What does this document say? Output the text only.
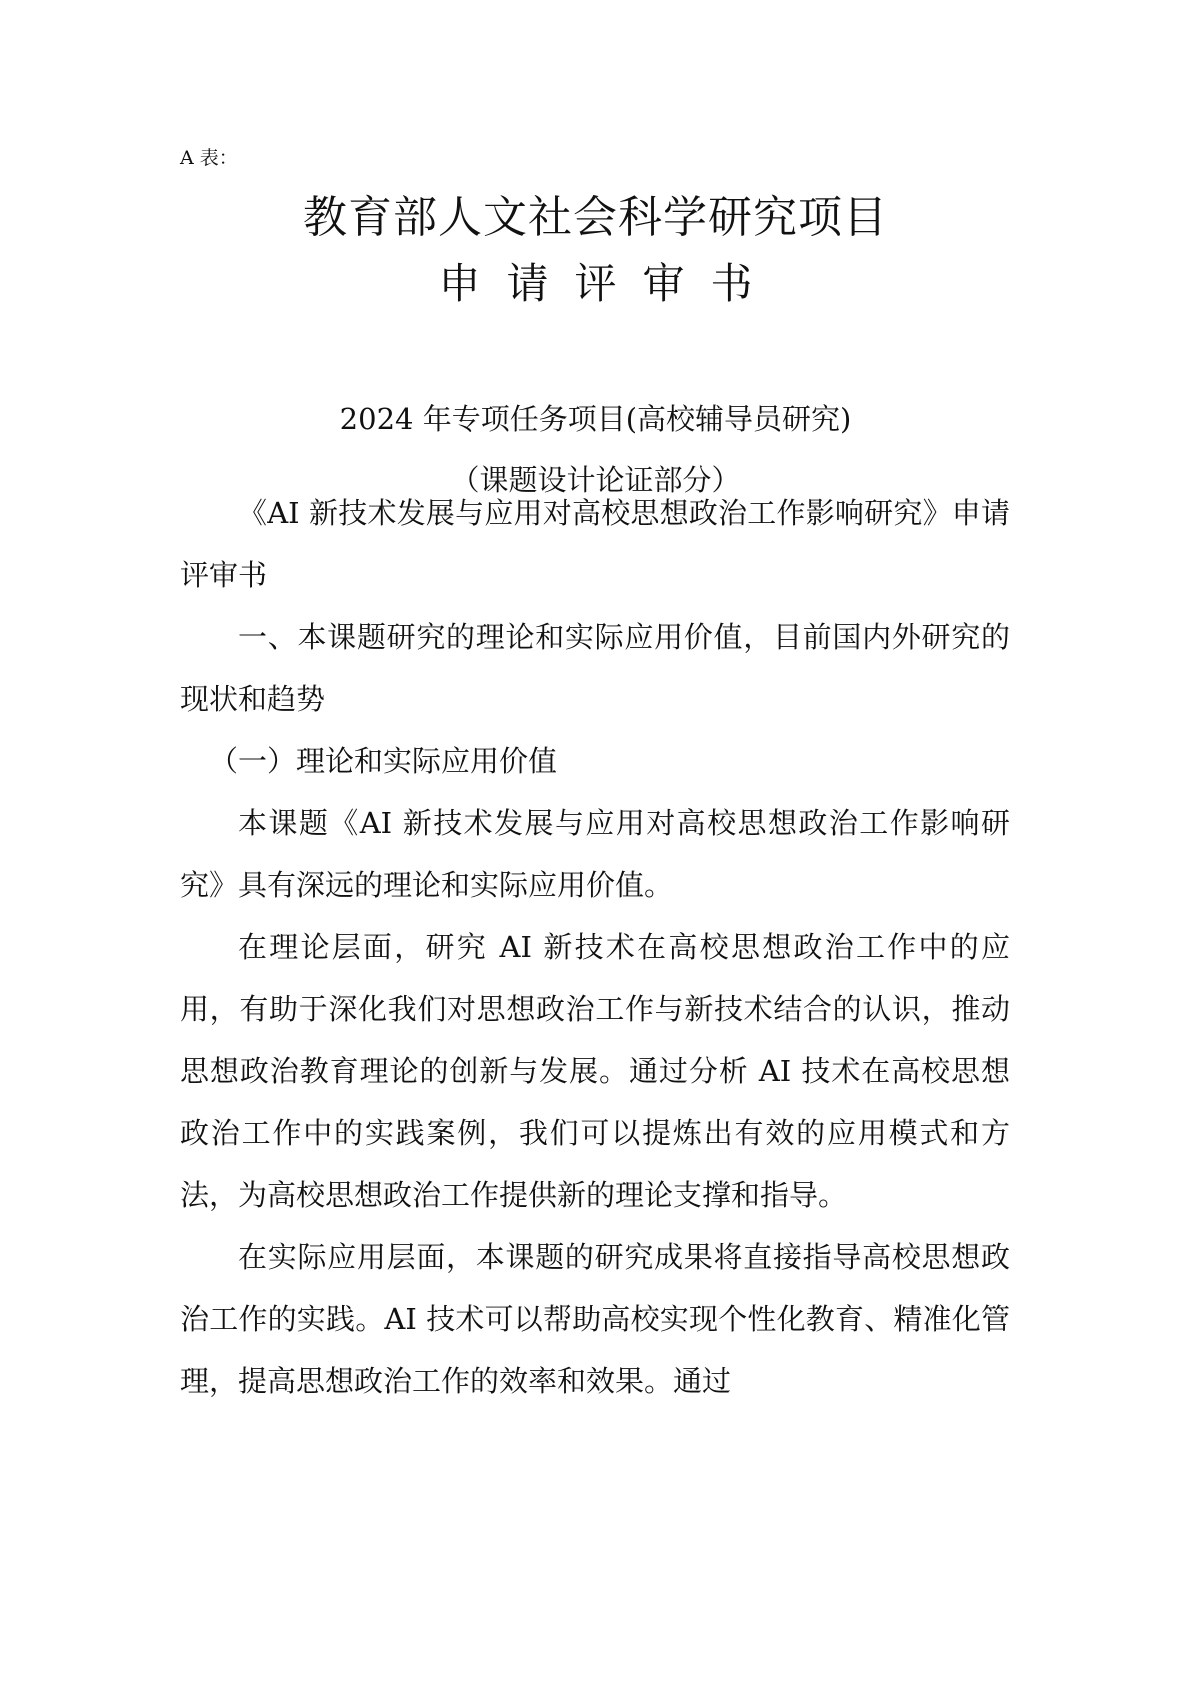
A 表：
教育部人文社会科学研究项目
申请评审书
2024 年专项任务项目(高校辅导员研究)
（课题设计论证部分）

《AI 新技术发展与应用对高校思想政治工作影响研究》申请评审书

一、本课题研究的理论和实际应用价值，目前国内外研究的现状和趋势

（一）理论和实际应用价值

本课题《AI 新技术发展与应用对高校思想政治工作影响研究》具有深远的理论和实际应用价值。

在理论层面，研究 AI 新技术在高校思想政治工作中的应用，有助于深化我们对思想政治工作与新技术结合的认识，推动思想政治教育理论的创新与发展。通过分析 AI 技术在高校思想政治工作中的实践案例，我们可以提炼出有效的应用模式和方法，为高校思想政治工作提供新的理论支撑和指导。

在实际应用层面，本课题的研究成果将直接指导高校思想政治工作的实践。AI 技术可以帮助高校实现个性化教育、精准化管理，提高思想政治工作的效率和效果。通过
